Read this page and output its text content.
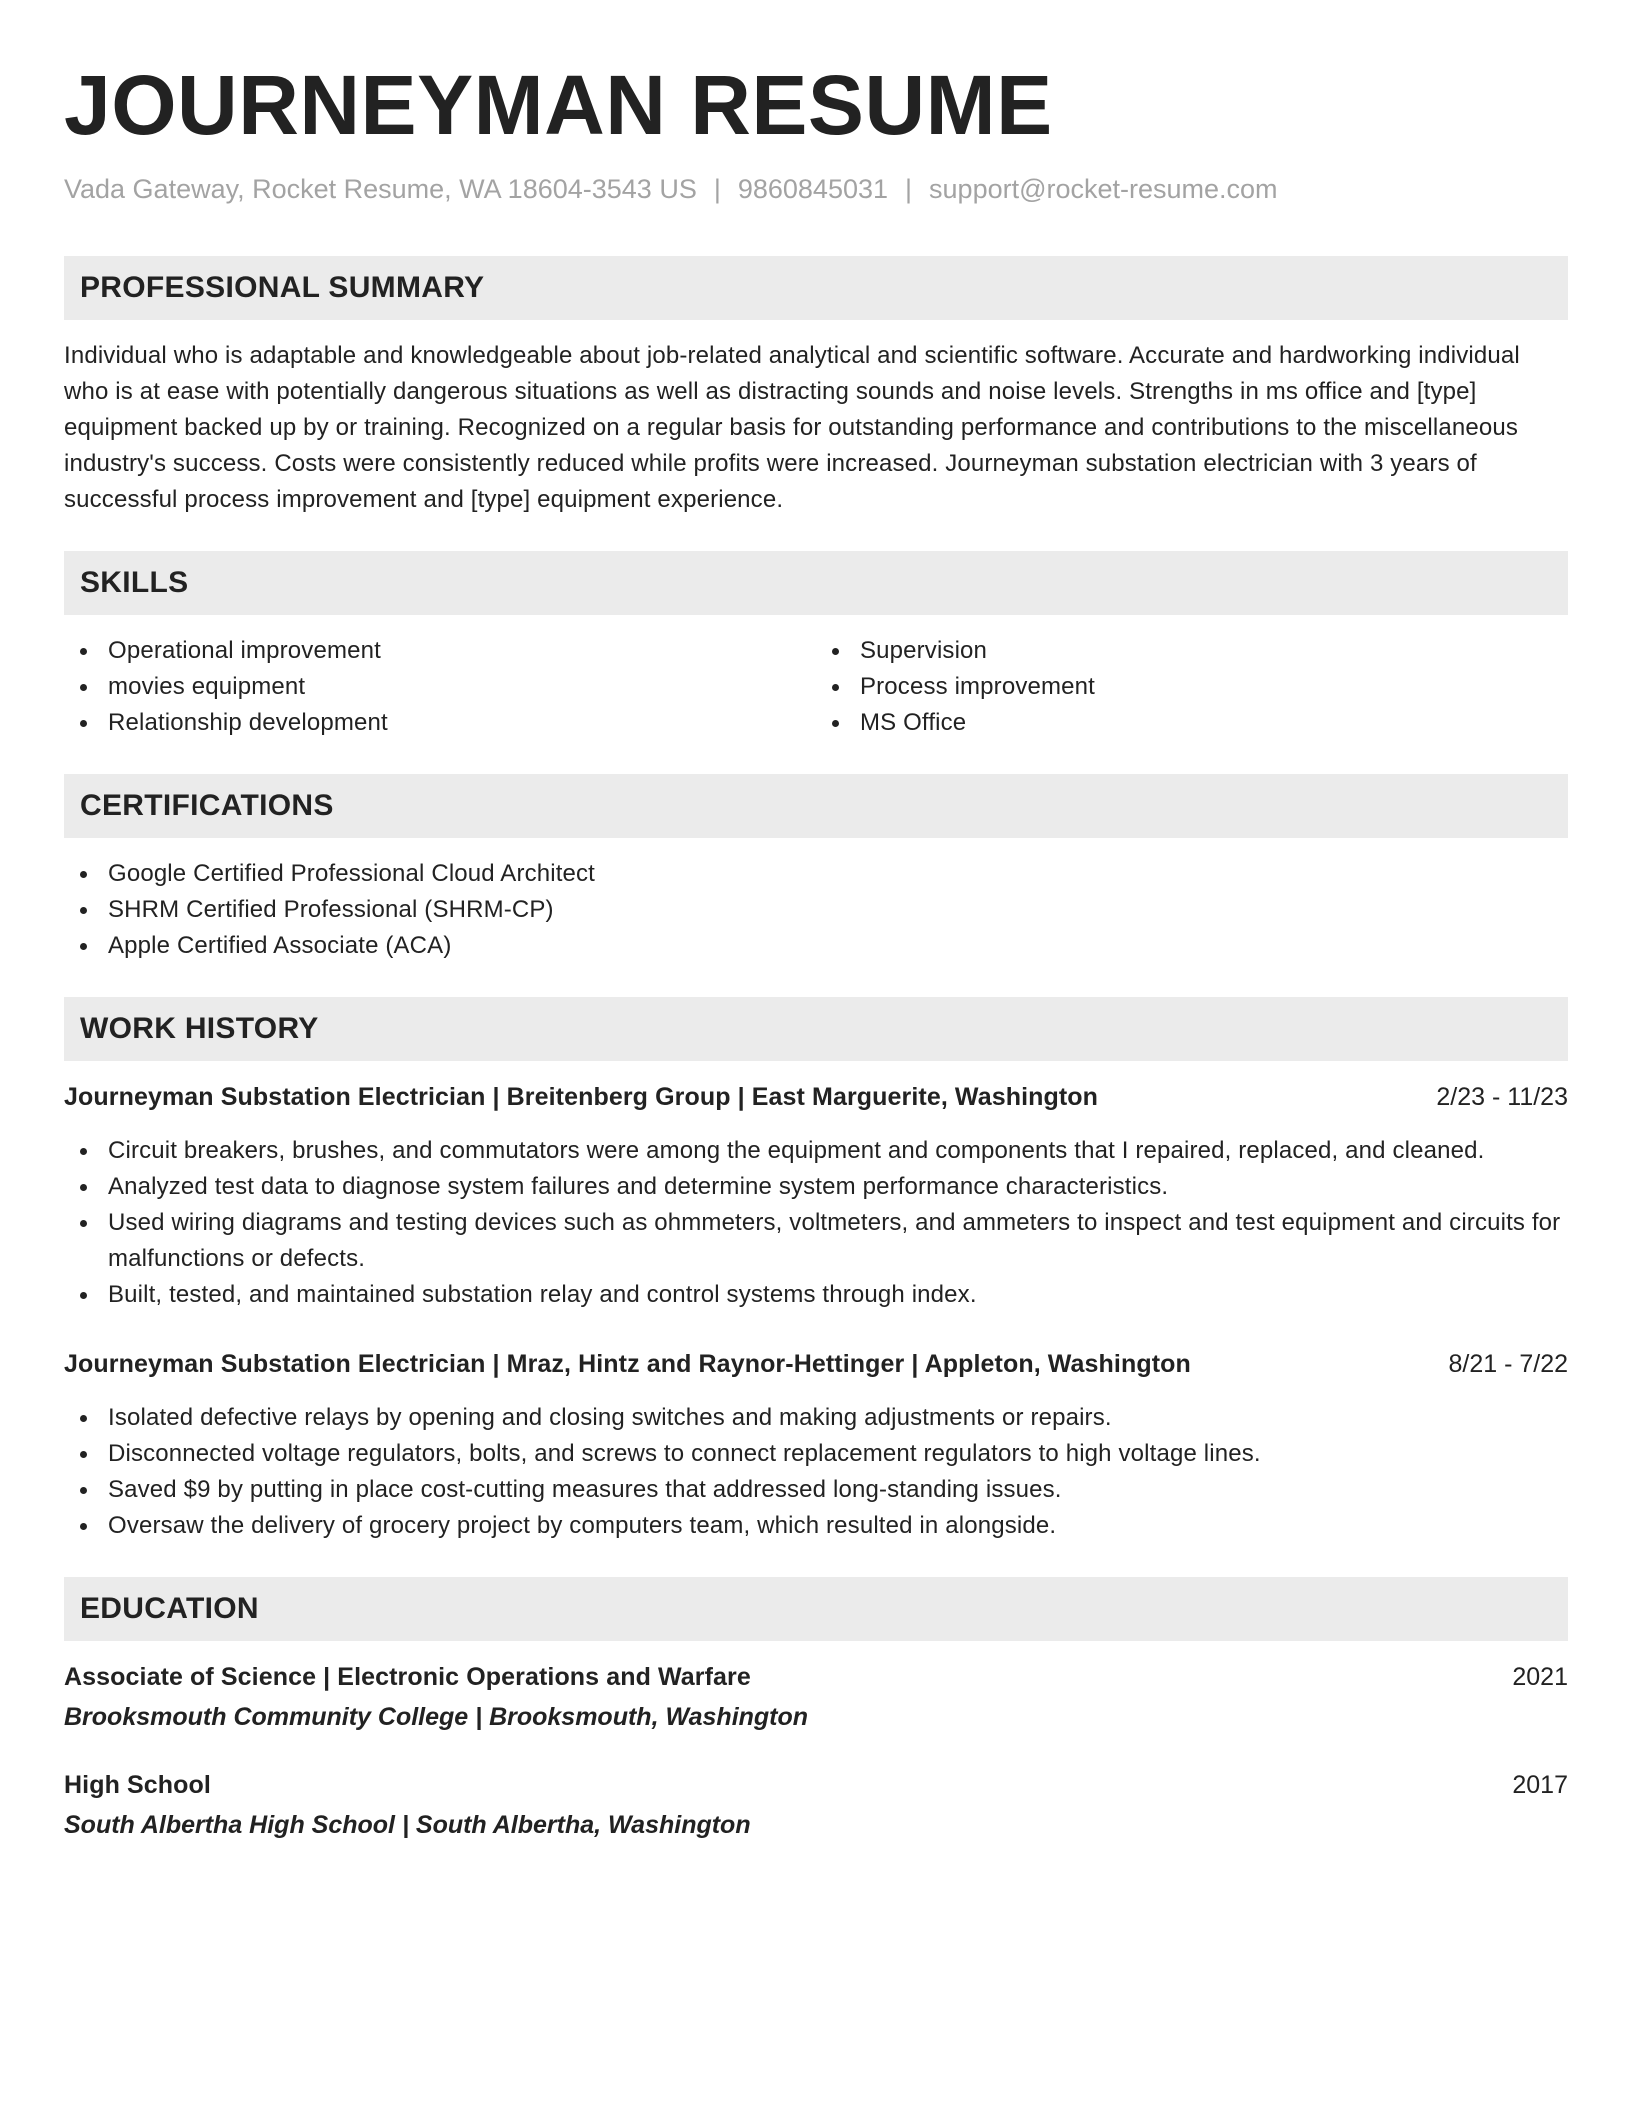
JOURNEYMAN RESUME
Vada Gateway, Rocket Resume, WA 18604-3543 US | 9860845031 | support@rocket-resume.com
PROFESSIONAL SUMMARY

Individual who is adaptable and knowledgeable about job-related analytical and scientific software. Accurate and hardworking individual who is at ease with potentially dangerous situations as well as distracting sounds and noise levels. Strengths in ms office and [type] equipment backed up by or training. Recognized on a regular basis for outstanding performance and contributions to the miscellaneous industry's success. Costs were consistently reduced while profits were increased. Journeyman substation electrician with 3 years of successful process improvement and [type] equipment experience.

SKILLS
Operational improvement
movies equipment
Relationship development
Supervision
Process improvement
MS Office
CERTIFICATIONS
Google Certified Professional Cloud Architect
SHRM Certified Professional (SHRM-CP)
Apple Certified Associate (ACA)
WORK HISTORY
Journeyman Substation Electrician | Breitenberg Group | East Marguerite, Washington	2/23 - 11/23
Circuit breakers, brushes, and commutators were among the equipment and components that I repaired, replaced, and cleaned.
Analyzed test data to diagnose system failures and determine system performance characteristics.
Used wiring diagrams and testing devices such as ohmmeters, voltmeters, and ammeters to inspect and test equipment and circuits for malfunctions or defects.
Built, tested, and maintained substation relay and control systems through index.
Journeyman Substation Electrician | Mraz, Hintz and Raynor-Hettinger | Appleton, Washington	8/21 - 7/22
Isolated defective relays by opening and closing switches and making adjustments or repairs.
Disconnected voltage regulators, bolts, and screws to connect replacement regulators to high voltage lines.
Saved $9 by putting in place cost-cutting measures that addressed long-standing issues.
Oversaw the delivery of grocery project by computers team, which resulted in alongside.
EDUCATION
Associate of Science | Electronic Operations and Warfare	2021
Brooksmouth Community College | Brooksmouth, Washington
High School	2017
South Albertha High School | South Albertha, Washington
